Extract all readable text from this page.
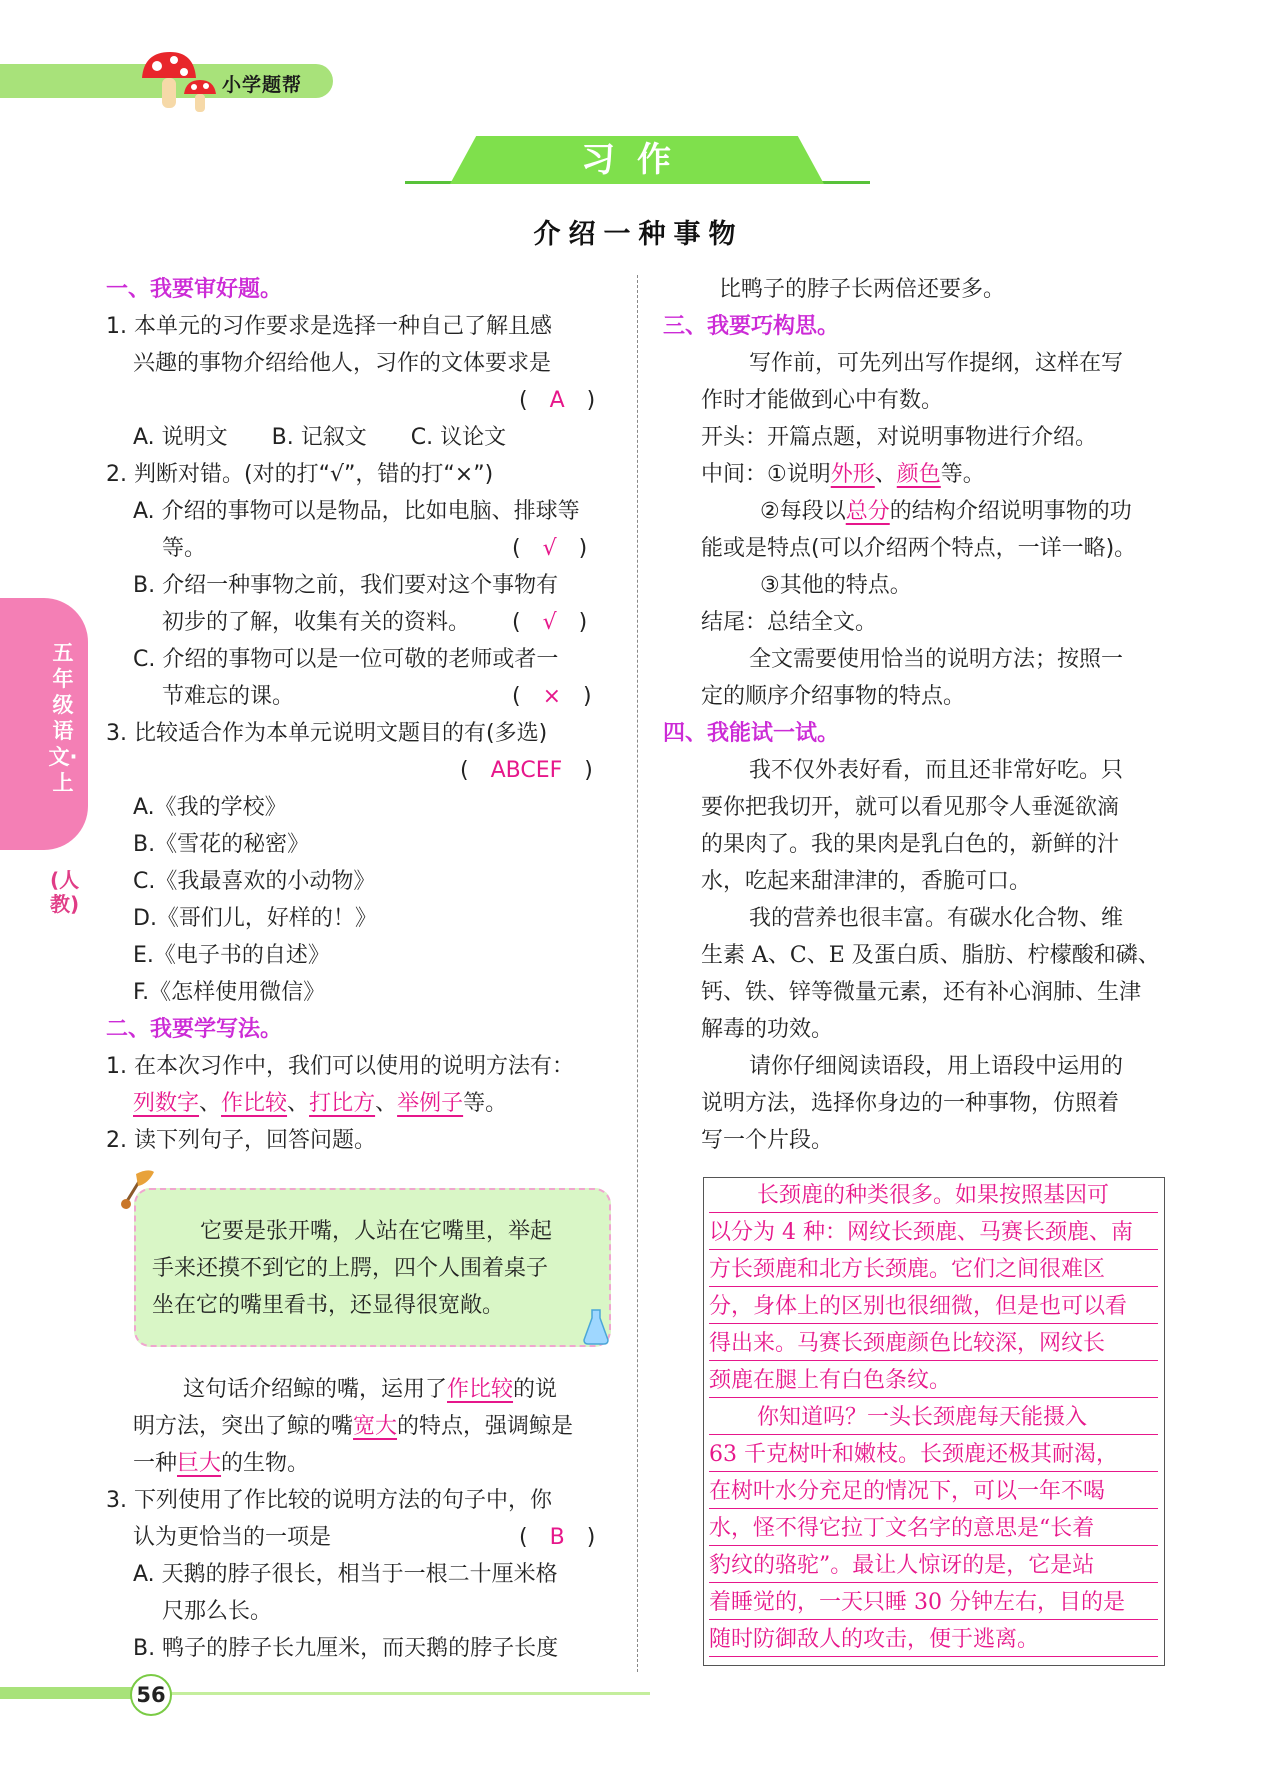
小学题帮
习作
介绍一种事物
五年级语文·上
(人教)
一、我要审好题。
1. 本单元的习作要求是选择一种自己了解且感
兴趣的事物介绍给他人，习作的文体要求是
(　A　)
A. 说明文　　B. 记叙文　　C. 议论文
2. 判断对错。(对的打“√”，错的打“×”)
A. 介绍的事物可以是物品，比如电脑、排球等
等。	(　√　)
B. 介绍一种事物之前，我们要对这个事物有
初步的了解，收集有关的资料。 (　√　)
C. 介绍的事物可以是一位可敬的老师或者一
节难忘的课。	(　×　)
3. 比较适合作为本单元说明文题目的有(多选)
(　ABCEF　)
A.《我的学校》
B.《雪花的秘密》
C.《我最喜欢的小动物》
D.《哥们儿，好样的！》
E.《电子书的自述》
F.《怎样使用微信》
二、我要学写法。
1. 在本次习作中，我们可以使用的说明方法有：
列数字、作比较、打比方、举例子等。
2. 读下列句子，回答问题。
它要是张开嘴，人站在它嘴里，举起
手来还摸不到它的上腭，四个人围着桌子
坐在它的嘴里看书，还显得很宽敞。
这句话介绍鲸的嘴，运用了作比较的说
明方法，突出了鲸的嘴宽大的特点，强调鲸是
一种巨大的生物。
3. 下列使用了作比较的说明方法的句子中，你
认为更恰当的一项是	(　B　)
A. 天鹅的脖子很长，相当于一根二十厘米格
尺那么长。
B. 鸭子的脖子长九厘米，而天鹅的脖子长度
比鸭子的脖子长两倍还要多。
三、我要巧构思。
写作前，可先列出写作提纲，这样在写
作时才能做到心中有数。
开头：开篇点题，对说明事物进行介绍。
中间：①说明外形、颜色等。
②每段以总分的结构介绍说明事物的功
能或是特点(可以介绍两个特点，一详一略)。
③其他的特点。
结尾：总结全文。
全文需要使用恰当的说明方法；按照一
定的顺序介绍事物的特点。
四、我能试一试。
我不仅外表好看，而且还非常好吃。只
要你把我切开，就可以看见那令人垂涎欲滴
的果肉了。我的果肉是乳白色的，新鲜的汁
水，吃起来甜津津的，香脆可口。
我的营养也很丰富。有碳水化合物、维
生素 A、C、E 及蛋白质、脂肪、柠檬酸和磷、
钙、铁、锌等微量元素，还有补心润肺、生津
解毒的功效。
请你仔细阅读语段，用上语段中运用的
说明方法，选择你身边的一种事物，仿照着
写一个片段。
长颈鹿的种类很多。如果按照基因可
以分为 4 种：网纹长颈鹿、马赛长颈鹿、南
方长颈鹿和北方长颈鹿。它们之间很难区
分，身体上的区别也很细微，但是也可以看
得出来。马赛长颈鹿颜色比较深，网纹长
颈鹿在腿上有白色条纹。
你知道吗？一头长颈鹿每天能摄入
63 千克树叶和嫩枝。长颈鹿还极其耐渴，
在树叶水分充足的情况下，可以一年不喝
水，怪不得它拉丁文名字的意思是“长着
豹纹的骆驼”。最让人惊讶的是，它是站
着睡觉的，一天只睡 30 分钟左右，目的是
随时防御敌人的攻击，便于逃离。
56
